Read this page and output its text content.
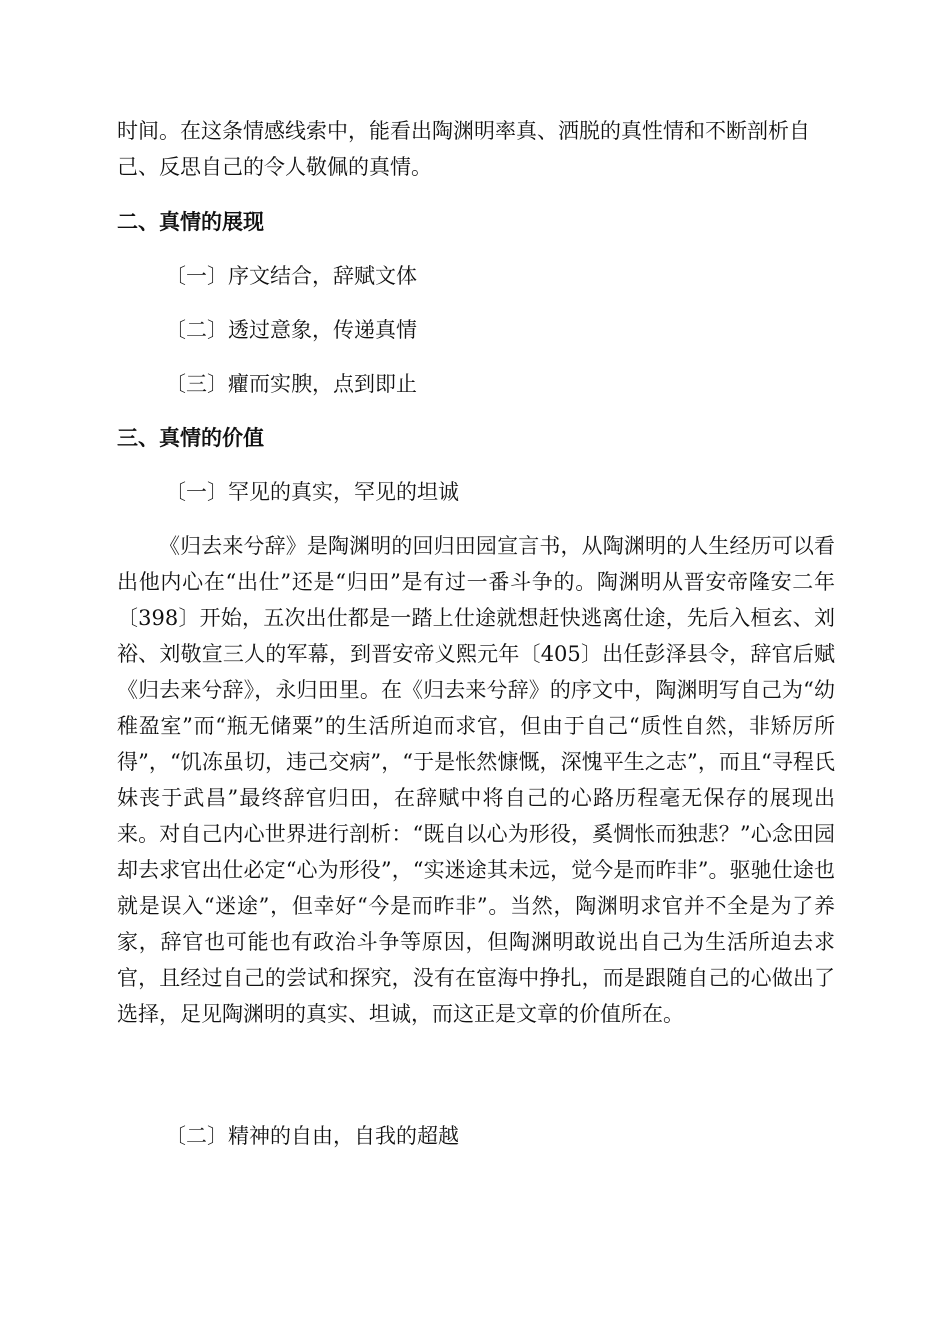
时间。在这条情感线索中，能看出陶渊明率真、洒脱的真性情和不断剖析自己、反思自己的令人敬佩的真情。

二、真情的展现

〔一〕序文结合，辞赋文体

〔二〕透过意象，传递真情

〔三〕癯而实腴，点到即止

三、真情的价值

〔一〕罕见的真实，罕见的坦诚

《归去来兮辞》是陶渊明的回归田园宣言书，从陶渊明的人生经历可以看出他内心在“出仕”还是“归田”是有过一番斗争的。陶渊明从晋安帝隆安二年〔398〕开始，五次出仕都是一踏上仕途就想赶快逃离仕途，先后入桓玄、刘裕、刘敬宣三人的军幕，到晋安帝义熙元年〔405〕出任彭泽县令，辞官后赋《归去来兮辞》，永归田里。在《归去来兮辞》的序文中，陶渊明写自己为“幼稚盈室”而“瓶无储粟”的生活所迫而求官，但由于自己“质性自然，非矫厉所得”，“饥冻虽切，违己交病”，“于是怅然慷慨，深愧平生之志”，而且“寻程氏妹丧于武昌”最终辞官归田，在辞赋中将自己的心路历程毫无保存的展现出来。对自己内心世界进行剖析：“既自以心为形役，奚惆怅而独悲？”心念田园却去求官出仕必定“心为形役”，“实迷途其未远，觉今是而昨非”。驱驰仕途也就是误入“迷途”，但幸好“今是而昨非”。当然，陶渊明求官并不全是为了养家，辞官也可能也有政治斗争等原因，但陶渊明敢说出自己为生活所迫去求官，且经过自己的尝试和探究，没有在宦海中挣扎，而是跟随自己的心做出了选择，足见陶渊明的真实、坦诚，而这正是文章的价值所在。

〔二〕精神的自由，自我的超越
